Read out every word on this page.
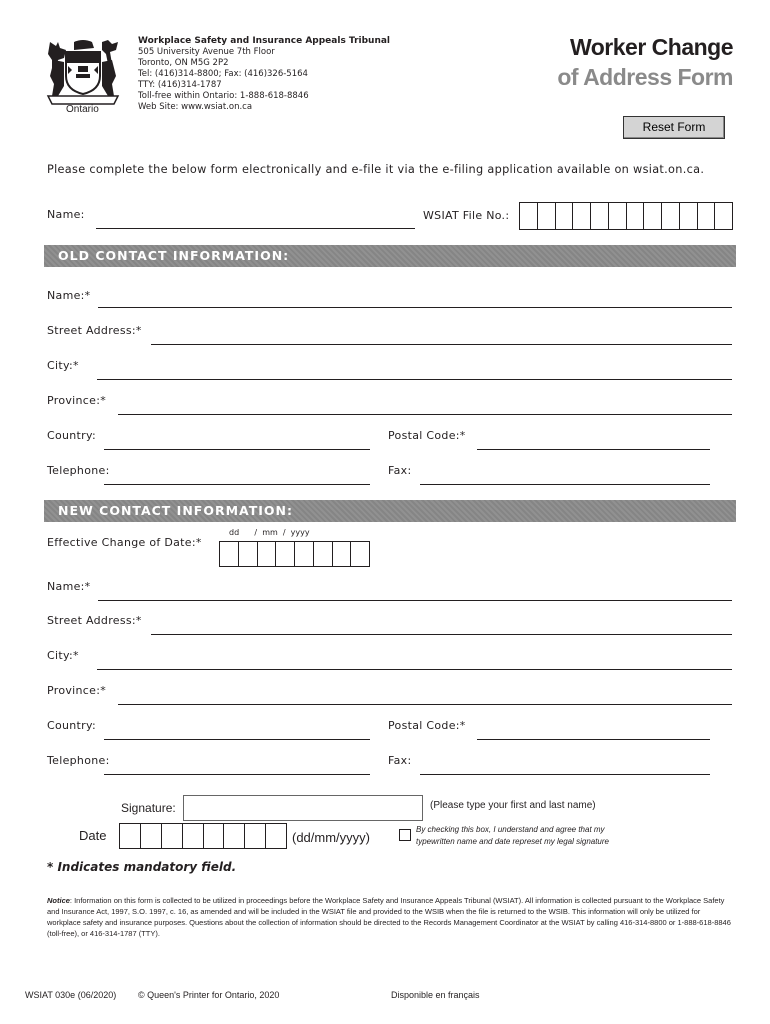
Ontario
Workplace Safety and Insurance Appeals Tribunal
505 University Avenue 7th Floor
Toronto, ON M5G 2P2
Tel: (416)314-8800; Fax: (416)326-5164
TTY: (416)314-1787
Toll-free within Ontario: 1-888-618-8846
Web Site: www.wsiat.on.ca
Worker Change
of Address Form
Reset Form
Please complete the below form electronically and e-file it via the e-filing application available on wsiat.on.ca.
Name:	WSIAT File No.:
OLD CONTACT INFORMATION:
Name:*
Street Address:*
City:*
Province:*
Country:	Postal Code:*
Telephone:	Fax:
NEW CONTACT INFORMATION:
Effective Change of Date:*
dd      /  mm  /  yyyy
Name:*
Street Address:*
City:*
Province:*
Country:	Postal Code:*
Telephone:	Fax:
Signature:	(Please type your first and last name)
Date	(dd/mm/yyyy)
By checking this box, I understand and agree that my
typewritten name and date represet my legal signature
* Indicates mandatory field.
Notice: Information on this form is collected to be utilized in proceedings before the Workplace Safety and Insurance Appeals Tribunal (WSIAT). All information is collected pursuant to the Workplace Safety and Insurance Act, 1997, S.O. 1997, c. 16, as amended and will be included in the WSIAT file and provided to the WSIB when the file is returned to the WSIB. This information will only be utilized for workplace safety and insurance purposes. Questions about the collection of information should be directed to the Records Management Coordinator at the WSIAT by calling 416-314-8800 or 1-888-618-8846 (toll-free), or 416-314-1787 (TTY).
WSIAT 030e (06/2020) © Queen's Printer for Ontario, 2020	Disponible en français
